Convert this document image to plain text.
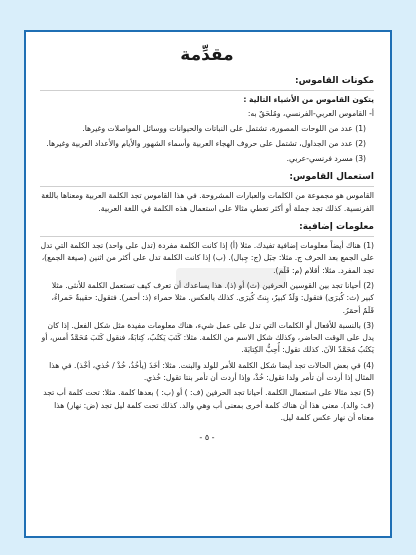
مقدِّمة
مكونات القاموس:
يتكون القاموس من الأشياء التالية :

أ- القاموس العربي-الفرنسي، ومُلحَقٌ به:

(1) عدد من اللوحات المصورة، تشتمل على النباتات والحيوانات ووسائل المواصلات وغيرها.

(2) عدد من الجداول، تشتمل على حروف الهجاء العربية وأسماء الشهور والأيام والأعداد العربية وغيرها.

(3) مسرد فرنسي-عربي.

استعمال القاموس:

القاموس هو مجموعة من الكلمات والعبارات المشروحة. في هذا القاموس تجد الكلمة العربية ومعناها باللغة الفرنسية. كذلك تجد جملة أو أكثر تعطي مثالا على استعمال هذه الكلمة في اللغة العربية.

معلومات إضافية:

(1) هناك أيضاً معلومات إضافية تفيدك. مثلا (أ) إذا كانت الكلمة مفردة (تدل على واحد) تجد الكلمة التي تدل على الجمع بعد الحرف ج. مثلا: جبَل (ج: جِبال). (ب) إذا كانت الكلمة تدل على أكثر من اثنين (صيغة الجمع)، تجد المفرد. مثلا: أقلام (م: قَلَم).

(2) أحيانا تجد بين القوسين الحرفين (ث) أو (ذ). هذا يساعدك أن تعرف كيف تستعمل الكلمة للأنثى. مثلا كبير (ث: كُبرَى) فتقول: وَلَدٌ كبيرٌ، بِنتٌ كُبرَى. كذلك بالعكس. مثلا حمراء (ذ: أحمر). فتقول: حقيبةٌ حَمراءُ، قَلَمٌ أحمَرُ.

(3) بالنسبة للأفعال أو الكلمات التي تدل على عمل شيء، هناك معلومات مفيدة مثل شكل الفعل. إذا كان يدل على الوقت الحاضر، وكذلك شكل الاسم من الكلمة. مثلا: كَتَبَ يَكتُبُ، كِتابَةٌ، فنقول كَتَبَ مُحَمَّدٌ أمس، أو يَكتُبُ مُحَمَّدٌ الآنَ. كذلك تقول: أُحِبُّ الكِتابَةَ.

(4) في بعض الحالات تجد أيضا شكل الكلمة للأمر للولد والبنت. مثلا: أخَذَ (يأخُذُ، خُذْ / خُذي، أخْذ). في هذا المثال إذا أردت أن تأمر ولدا تقول: خُذْ، وإذا أردت أن تأمر بنتا تقول: خُذي.

(5) تجد مثالا على استعمال الكلمة. أحيانا تجد الحرفين (ف: ) أو (ب: ) بعدها كلمة. مثلا: تحت كلمة أب تجد (ف: والد). معنى هذا أن هناك كلمة أخرى بمعنى أب وهي والد. كذلك تحت كلمة ليل تجد (ض: نهار) هذا معناه أن نهار عكس كلمة ليل.

- ٥ -
